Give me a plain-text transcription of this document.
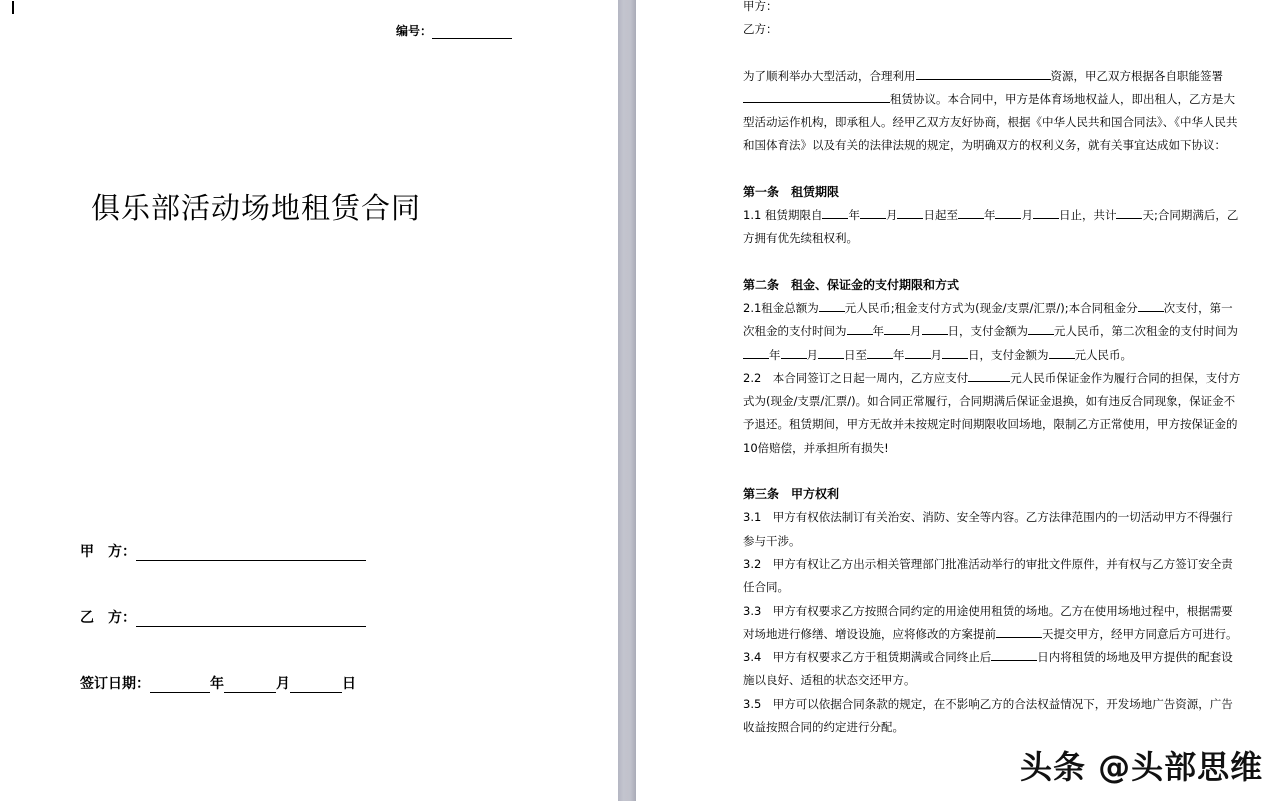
编号：
俱乐部活动场地租赁合同
甲　方：
乙　方：
签订日期：	年	月	日

甲方：

乙方：

为了顺利举办大型活动，合理利用	资源，甲乙双方根据各自职能签署租赁协议。本合同中，甲方是体育场地权益人，即出租人，乙方是大型活动运作机构，即承租人。经甲乙双方友好协商，根据《中华人民共和国合同法》、《中华人民共和国体育法》以及有关的法律法规的规定，为明确双方的权利义务，就有关事宜达成如下协议：

第一条　租赁期限

1.1 租赁期限自 年 月 日起至 年 月 日止，共计 天;合同期满后，乙方拥有优先续租权利。

第二条　租金、保证金的支付期限和方式

2.1租金总额为 元人民币;租金支付方式为(现金/支票/汇票/);本合同租金分 次支付，第一次租金的支付时间为 年 月 日，支付金额为 元人民币，第二次租金的支付时间为年 月 日至 年 月 日，支付金额为 元人民币。

2.2　本合同签订之日起一周内，乙方应支付	元人民币保证金作为履行合同的担保，支付方式为(现金/支票/汇票/)。如合同正常履行，合同期满后保证金退换，如有违反合同现象，保证金不予退还。租赁期间，甲方无故并未按规定时间期限收回场地，限制乙方正常使用，甲方按保证金的10倍赔偿，并承担所有损失!

第三条　甲方权利

3.1　甲方有权依法制订有关治安、消防、安全等内容。乙方法律范围内的一切活动甲方不得强行参与干涉。

3.2　甲方有权让乙方出示相关管理部门批准活动举行的审批文件原件，并有权与乙方签订安全责任合同。

3.3　甲方有权要求乙方按照合同约定的用途使用租赁的场地。乙方在使用场地过程中，根据需要对场地进行修缮、增设设施，应将修改的方案提前	天提交甲方，经甲方同意后方可进行。

3.4　甲方有权要求乙方于租赁期满或合同终止后	日内将租赁的场地及甲方提供的配套设施以良好、适租的状态交还甲方。

3.5　甲方可以依据合同条款的规定，在不影响乙方的合法权益情况下，开发场地广告资源，广告收益按照合同的约定进行分配。

头条 @头部思维
